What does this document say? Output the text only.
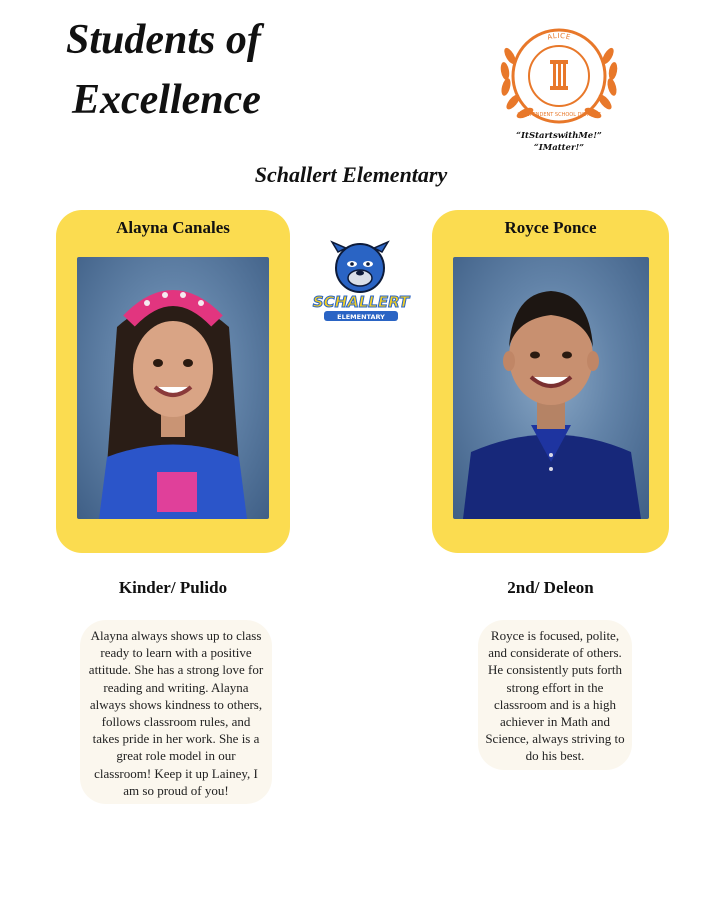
Students of
Excellence
ALICE
INDEPENDENT SCHOOL DISTRICT
“ItStartswithMe!”
“IMatter!”
Schallert Elementary
Alayna Canales
SCHALLERT
ELEMENTARY
Royce Ponce
Kinder/ Pulido	2nd/ Deleon
Alayna always shows up to class ready to learn with a positive attitude. She has a strong love for reading and writing. Alayna always shows kindness to others, follows classroom rules, and takes pride in her work. She is a great role model in our classroom! Keep it up Lainey, I am so proud of you!
Royce is focused, polite, and considerate of others. He consistently puts forth strong effort in the classroom and is a high achiever in Math and Science, always striving to do his best.
